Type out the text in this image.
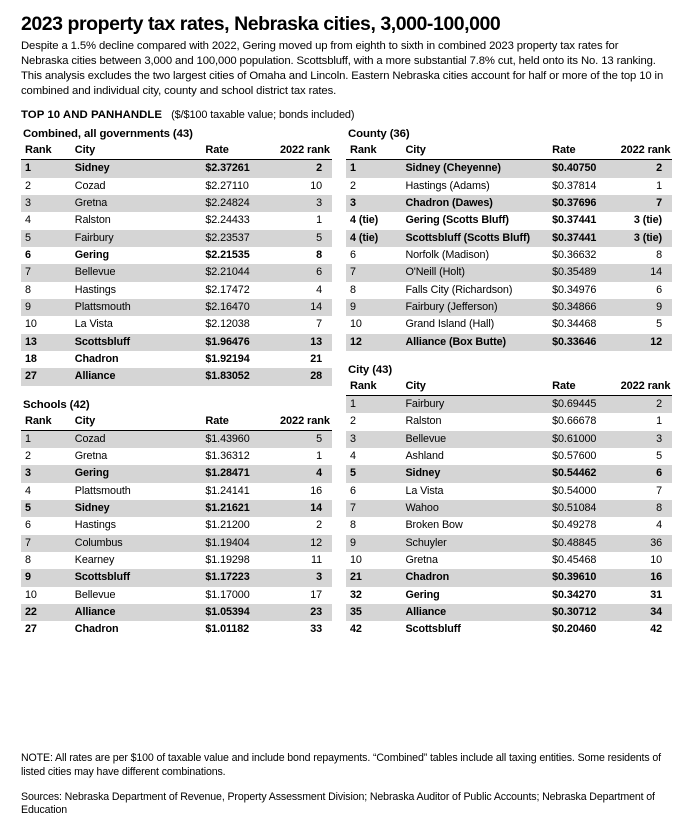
2023 property tax rates, Nebraska cities, 3,000-100,000

Despite a 1.5% decline compared with 2022, Gering moved up from eighth to sixth in combined 2023 property tax rates for Nebraska cities between 3,000 and 100,000 population. Scottsbluff, with a more substantial 7.8% cut, held onto its No. 13 ranking. This analysis excludes the two largest cities of Omaha and Lincoln. Eastern Nebraska cities account for half or more of the top 10 in combined and individual city, county and school district tax rates.

TOP 10 AND PANHANDLE ($/$100 taxable value; bonds included)
Combined, all governments (43)
Rank	City	Rate	2022 rank
1	Sidney	$2.37261	2
2	Cozad	$2.27110	10
3	Gretna	$2.24824	3
4	Ralston	$2.24433	1
5	Fairbury	$2.23537	5
6	Gering	$2.21535	8
7	Bellevue	$2.21044	6
8	Hastings	$2.17472	4
9	Plattsmouth	$2.16470	14
10	La Vista	$2.12038	7
13	Scottsbluff	$1.96476	13
18	Chadron	$1.92194	21
27	Alliance	$1.83052	28
Schools (42)
Rank	City	Rate	2022 rank
1	Cozad	$1.43960	5
2	Gretna	$1.36312	1
3	Gering	$1.28471	4
4	Plattsmouth	$1.24141	16
5	Sidney	$1.21621	14
6	Hastings	$1.21200	2
7	Columbus	$1.19404	12
8	Kearney	$1.19298	11
9	Scottsbluff	$1.17223	3
10	Bellevue	$1.17000	17
22	Alliance	$1.05394	23
27	Chadron	$1.01182	33
County (36)
Rank	City	Rate	2022 rank
1	Sidney (Cheyenne)	$0.40750	2
2	Hastings (Adams)	$0.37814	1
3	Chadron (Dawes)	$0.37696	7
4 (tie)	Gering (Scotts Bluff)	$0.37441	3 (tie)
4 (tie)	Scottsbluff (Scotts Bluff)	$0.37441	3 (tie)
6	Norfolk (Madison)	$0.36632	8
7	O'Neill (Holt)	$0.35489	14
8	Falls City (Richardson)	$0.34976	6
9	Fairbury (Jefferson)	$0.34866	9
10	Grand Island (Hall)	$0.34468	5
12	Alliance (Box Butte)	$0.33646	12
City (43)
Rank	City	Rate	2022 rank
1	Fairbury	$0.69445	2
2	Ralston	$0.66678	1
3	Bellevue	$0.61000	3
4	Ashland	$0.57600	5
5	Sidney	$0.54462	6
6	La Vista	$0.54000	7
7	Wahoo	$0.51084	8
8	Broken Bow	$0.49278	4
9	Schuyler	$0.48845	36
10	Gretna	$0.45468	10
21	Chadron	$0.39610	16
32	Gering	$0.34270	31
35	Alliance	$0.30712	34
42	Scottsbluff	$0.20460	42

NOTE: All rates are per $100 of taxable value and include bond repayments. “Combined” tables include all taxing entities. Some residents of listed cities may have different combinations.

Sources: Nebraska Department of Revenue, Property Assessment Division; Nebraska Auditor of Public Accounts; Nebraska Department of Education
